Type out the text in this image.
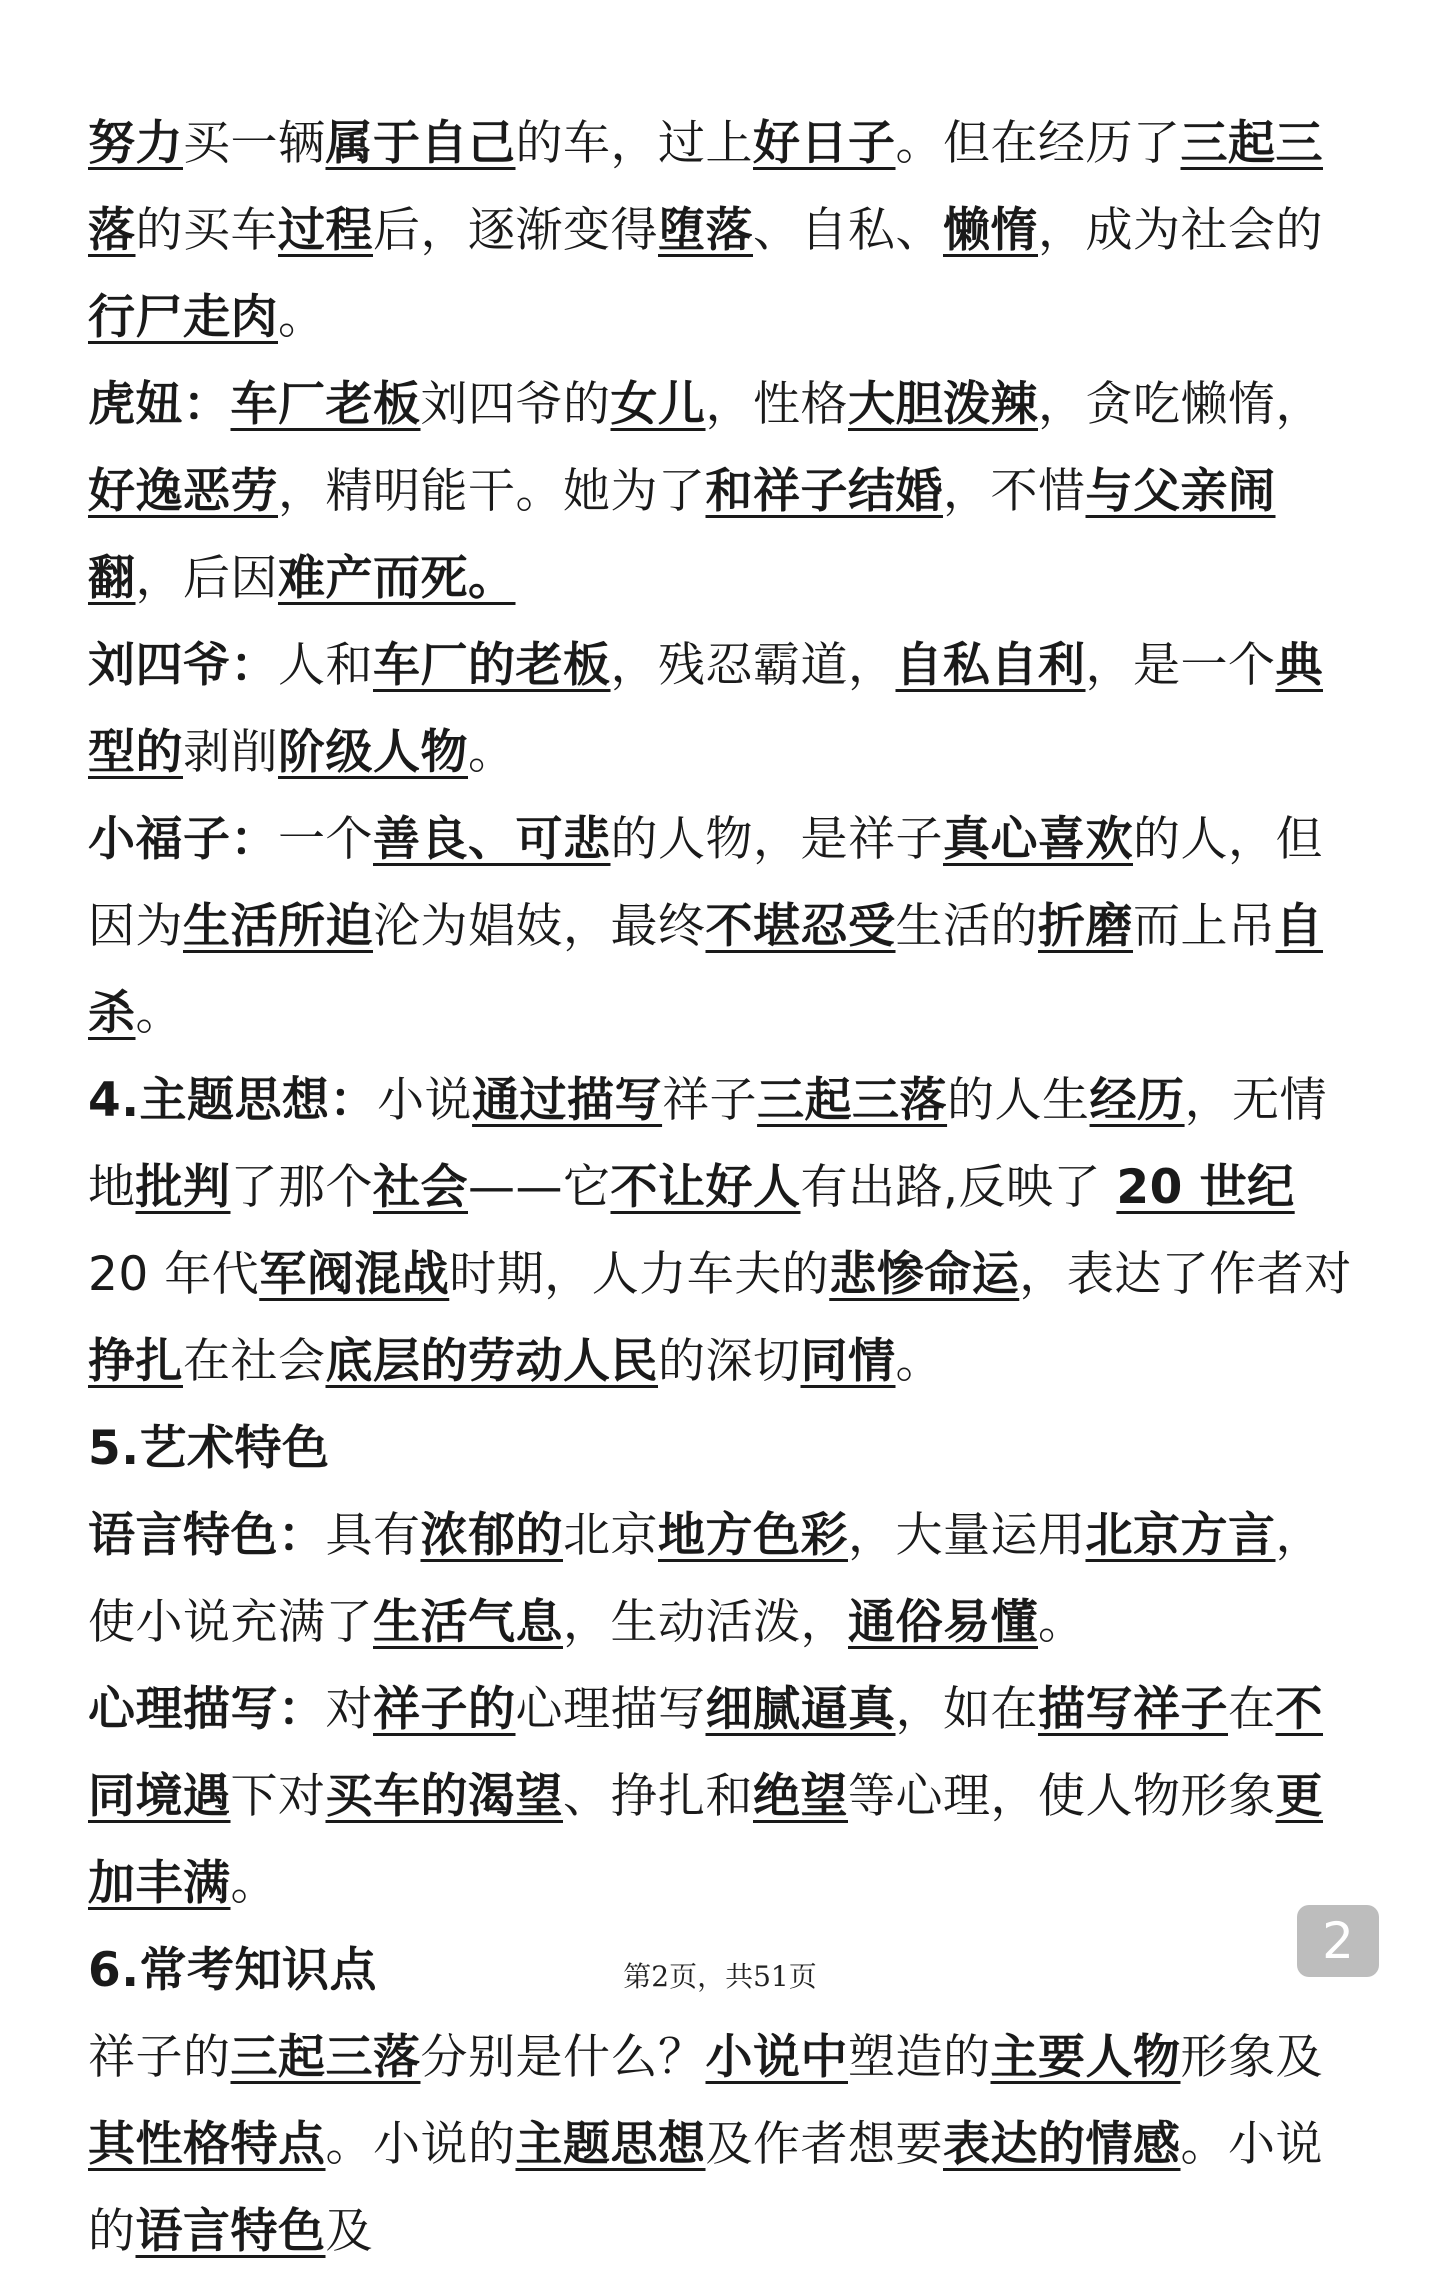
努力买一辆属于自己的车，过上好日子。但在经历了三起三落的买车过程后，逐渐变得堕落、自私、懒惰，成为社会的行尸走肉。

虎妞：车厂老板刘四爷的女儿，性格大胆泼辣，贪吃懒惰，好逸恶劳，精明能干。她为了和祥子结婚，不惜与父亲闹翻，后因难产而死。

刘四爷：人和车厂的老板，残忍霸道，自私自利，是一个典型的剥削阶级人物。

小福子：一个善良、可悲的人物，是祥子真心喜欢的人，但因为生活所迫沦为娼妓，最终不堪忍受生活的折磨而上吊自杀。

4.主题思想：小说通过描写祥子三起三落的人生经历，无情地批判了那个社会——它不让好人有出路,反映了 20 世纪 20 年代军阀混战时期，人力车夫的悲惨命运，表达了作者对挣扎在社会底层的劳动人民的深切同情。

5.艺术特色

语言特色：具有浓郁的北京地方色彩，大量运用北京方言，使小说充满了生活气息，生动活泼，通俗易懂。

心理描写：对祥子的心理描写细腻逼真，如在描写祥子在不同境遇下对买车的渴望、挣扎和绝望等心理，使人物形象更加丰满。

6.常考知识点

祥子的三起三落分别是什么？小说中塑造的主要人物形象及其性格特点。小说的主题思想及作者想要表达的情感。小说的语言特色及

2
第2页，共51页
